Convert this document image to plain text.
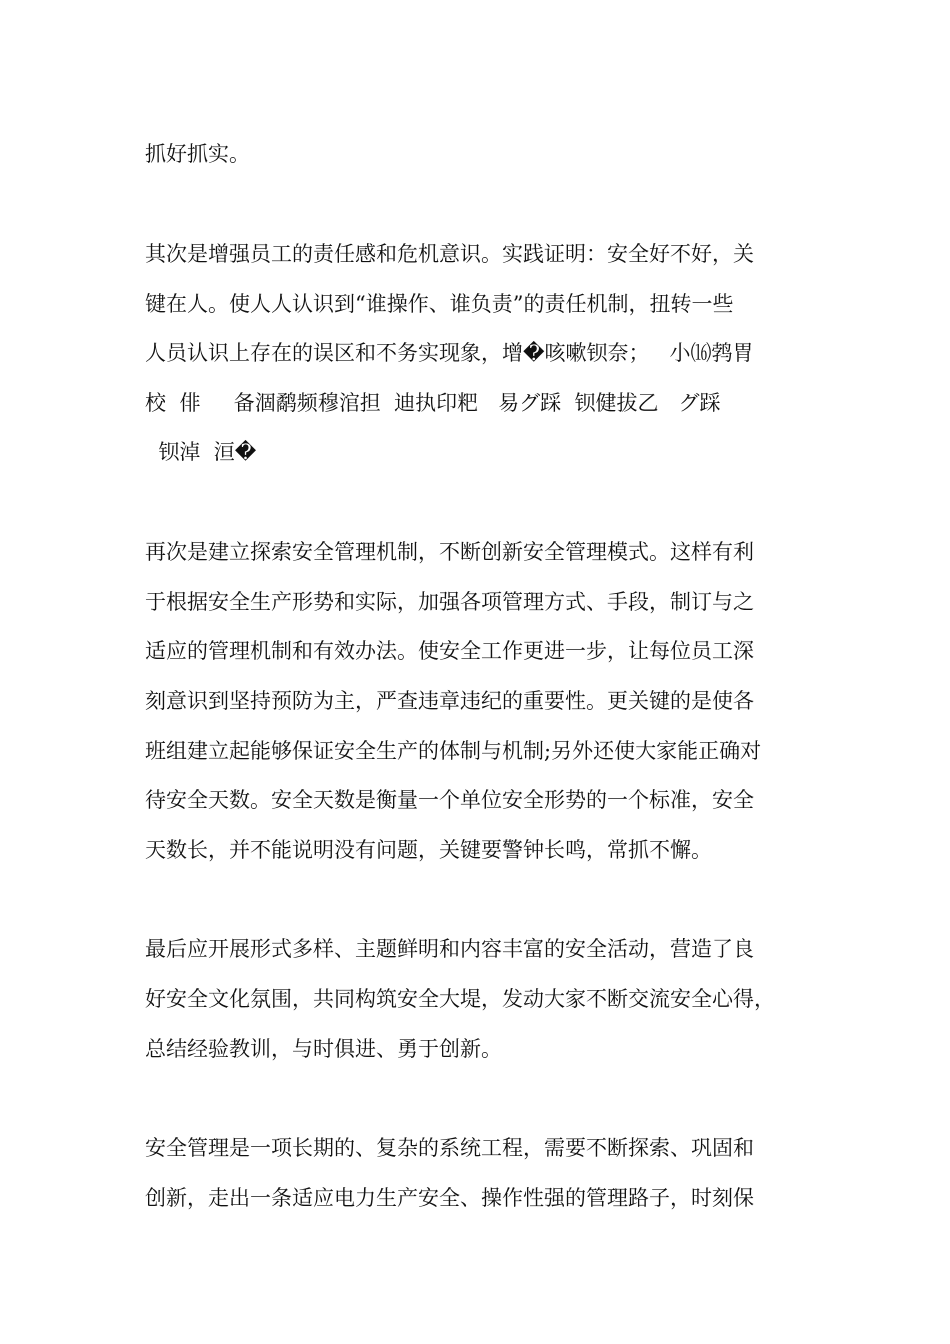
抓好抓实。
其次是增强员工的责任感和危机意识。实践证明：安全好不好，关
键在人。使人人认识到“谁操作、谁负责”的责任机制，扭转一些
人员认识上存在的误区和不务实现象，增�咳嗽钡奈；   小⒃鹁胃
校  俳     备涸鹬频穆涫担  迪执印粑   易グ踩  钡健拔乙   グ踩
钡淖  洹�
再次是建立探索安全管理机制，不断创新安全管理模式。这样有利
于根据安全生产形势和实际，加强各项管理方式、手段，制订与之
适应的管理机制和有效办法。使安全工作更进一步，让每位员工深
刻意识到坚持预防为主，严查违章违纪的重要性。更关键的是使各
班组建立起能够保证安全生产的体制与机制;另外还使大家能正确对
待安全天数。安全天数是衡量一个单位安全形势的一个标准，安全
天数长，并不能说明没有问题，关键要警钟长鸣，常抓不懈。
最后应开展形式多样、主题鲜明和内容丰富的安全活动，营造了良
好安全文化氛围，共同构筑安全大堤，发动大家不断交流安全心得，
总结经验教训，与时俱进、勇于创新。
安全管理是一项长期的、复杂的系统工程，需要不断探索、巩固和
创新，走出一条适应电力生产安全、操作性强的管理路子，时刻保
